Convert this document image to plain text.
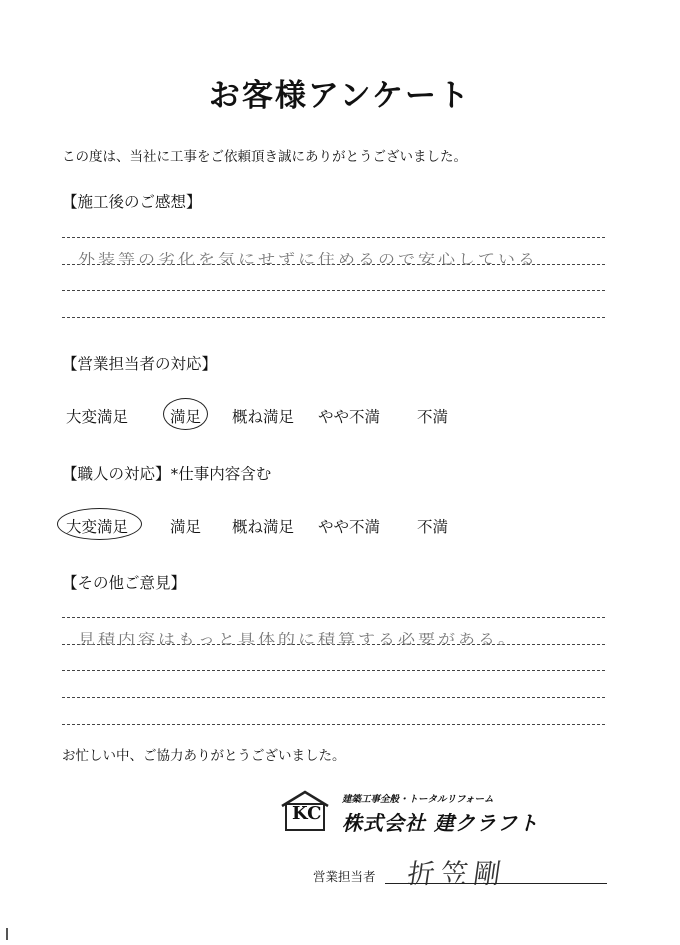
お客様アンケート
この度は、当社に工事をご依頼頂き誠にありがとうございました。
【施工後のご感想】
外装等の劣化を気にせずに住めるので安心している
【営業担当者の対応】
大変満足	満足 概ね満足 やや不満 不満
【職人の対応】*仕事内容含む
大変満足	満足 概ね満足 やや不満 不満
【その他ご意見】
見積内容はもっと具体的に積算する必要がある。
お忙しい中、ご協力ありがとうございました。
KC
建築工事全般・トータルリフォーム
株式会社 建クラフト
営業担当者 折笠剛
